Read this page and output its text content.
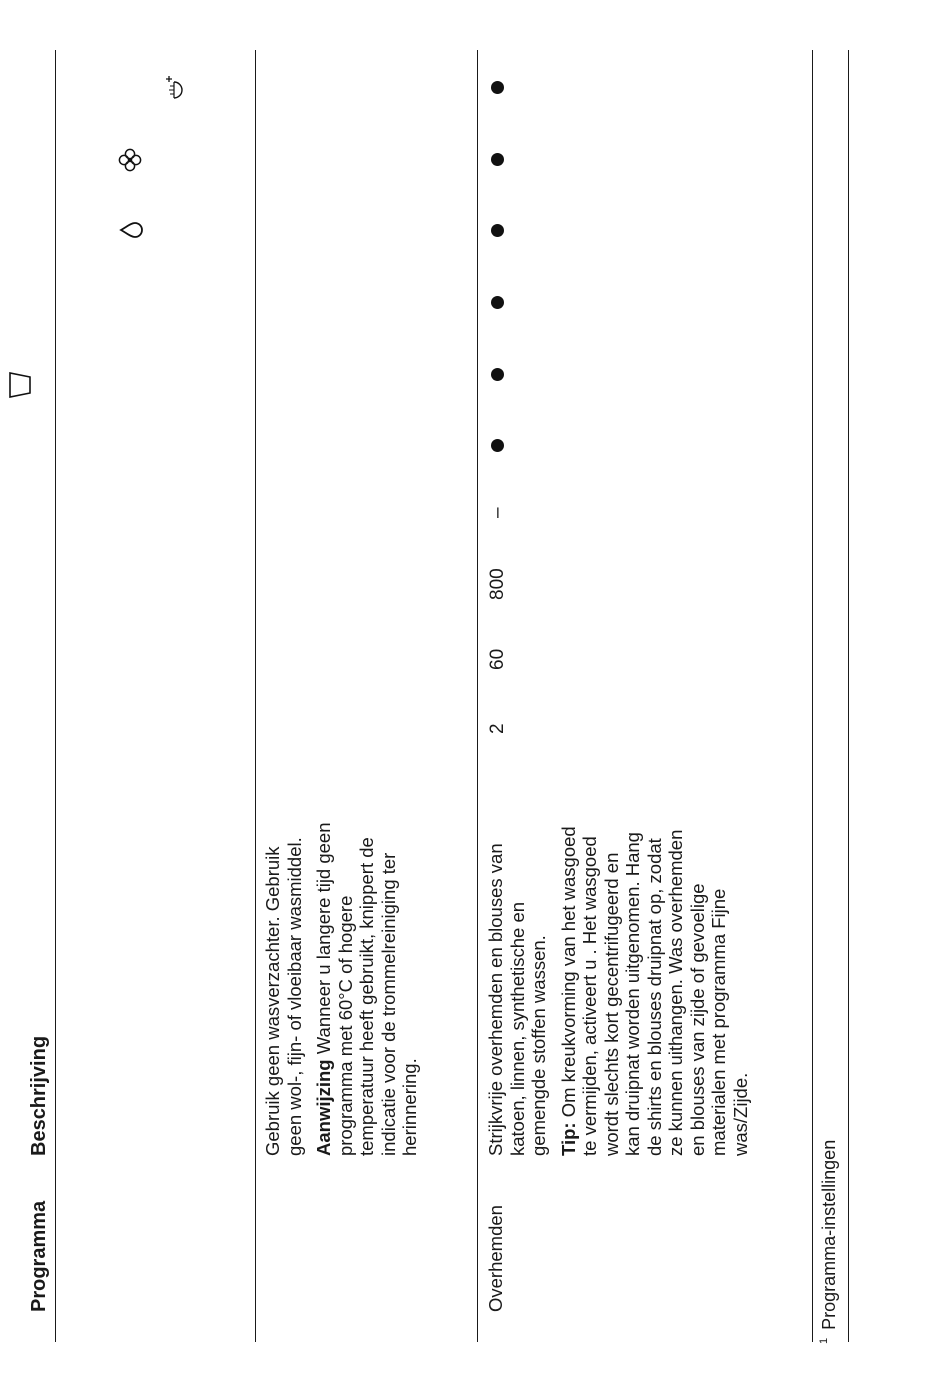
Programma
Beschrijving	Gebruik geen wasverzachter. Gebruik geen wol-, fijn- of vloeibaar wasmiddel. Aanwijzing Wanneer u langere tijd geen programma met 60°C of hogere temperatuur heeft gebruikt, knippert de indicatie voor de trommelreiniging ter herinnering.

Overhemden

Strijkvrije overhemden en blouses van katoen, linnen, synthetische en gemengde stoffen wassen. Tip: Om kreukvorming van het wasgoed te vermijden, activeert u . Het wasgoed wordt slechts kort gecentrifugeerd en kan druipnat worden uitgenomen. Hang de shirts en blouses druipnat op, zodat ze kunnen uithangen. Was overhemden en blouses van zijde of gevoelige materialen met programma Fijne was/Zijde.

2
60
800
–
$^1$Programma-instellingen
